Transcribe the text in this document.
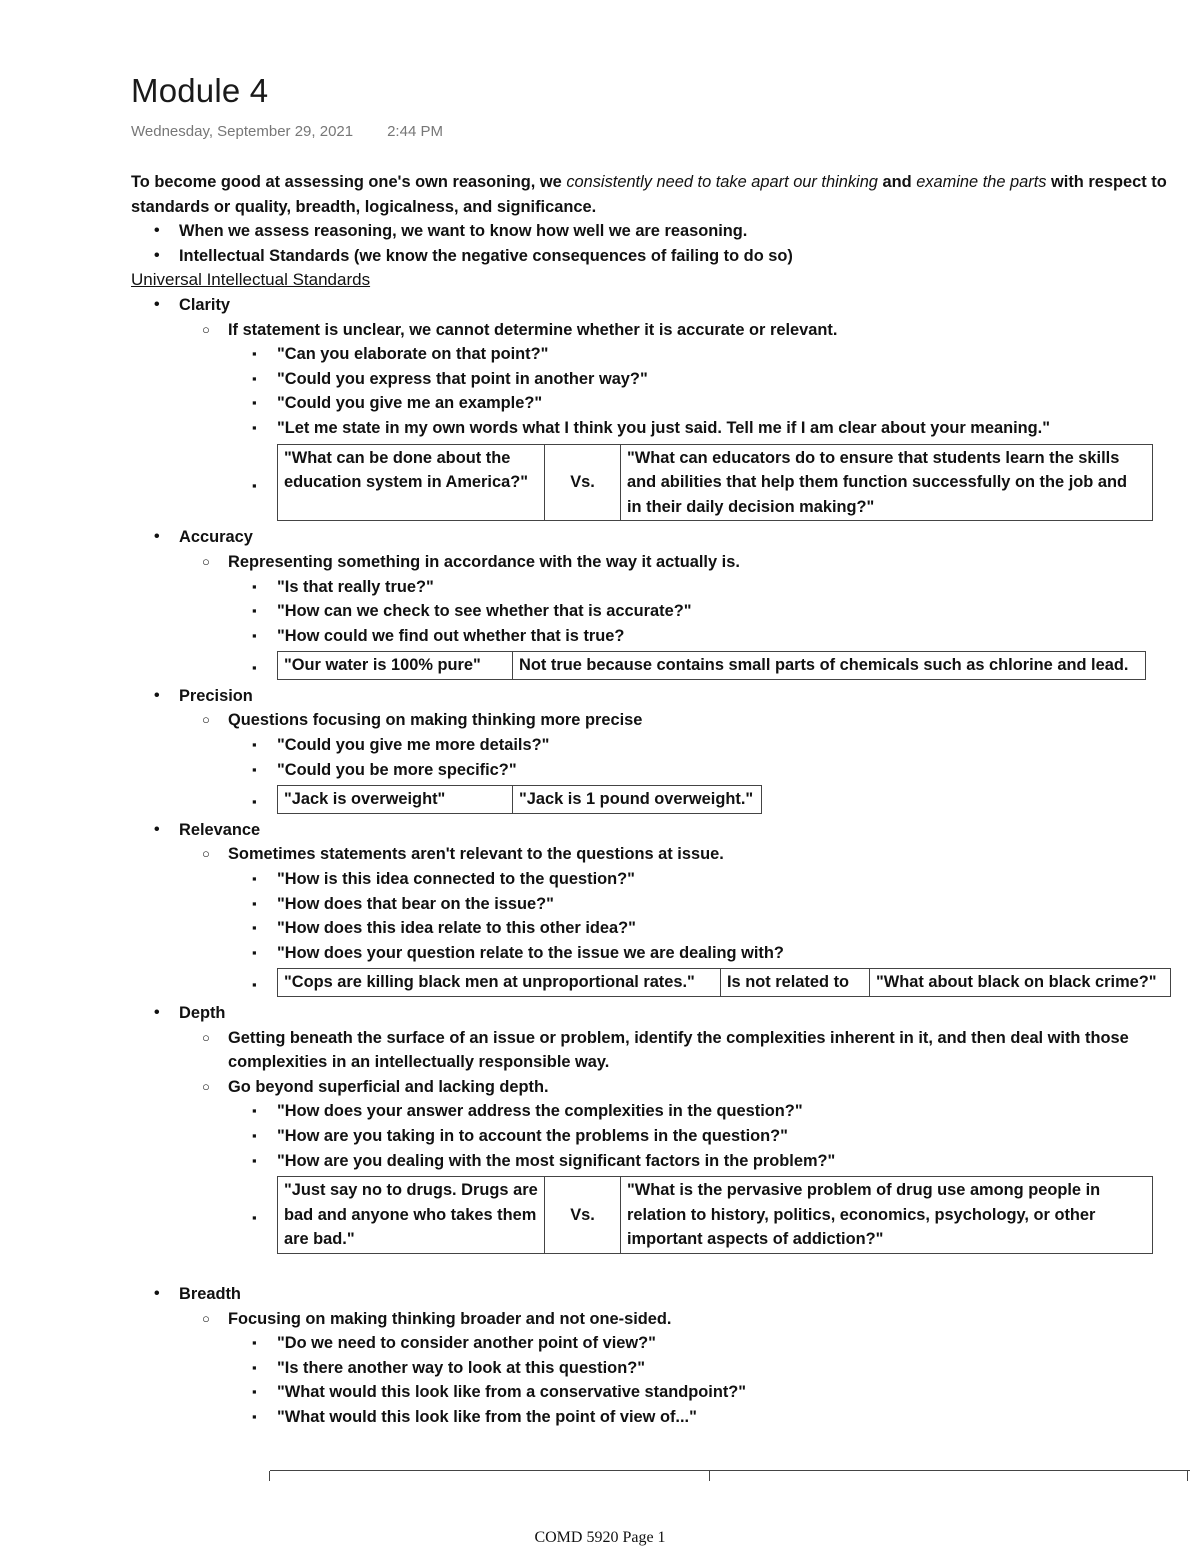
Module 4
Wednesday, September 29, 2021 2:44 PM

To become good at assessing one's own reasoning, we consistently need to take apart our thinking and examine the parts with respect to standards or quality, breadth, logicalness, and significance.

• When we assess reasoning, we want to know how well we are reasoning.
• Intellectual Standards (we know the negative consequences of failing to do so)

Universal Intellectual Standards

• Clarity
○ If statement is unclear, we cannot determine whether it is accurate or relevant.
▪ "Can you elaborate on that point?"
▪ "Could you express that point in another way?"
▪ "Could you give me an example?"
▪ "Let me state in my own words what I think you just said. Tell me if I am clear about your meaning."
▪
"What can be done about the education system in America?"	Vs.	"What can educators do to ensure that students learn the skills and abilities that help them function successfully on the job and in their daily decision making?"
• Accuracy
○ Representing something in accordance with the way it actually is.
▪ "Is that really true?"
▪ "How can we check to see whether that is accurate?"
▪ "How could we find out whether that is true?
▪ "Our water is 100% pure"	Not true because contains small parts of chemicals such as chlorine and lead.
• Precision
○ Questions focusing on making thinking more precise
▪ "Could you give me more details?"
▪ "Could you be more specific?"
▪ "Jack is overweight"	"Jack is 1 pound overweight."
• Relevance
○ Sometimes statements aren't relevant to the questions at issue.
▪ "How is this idea connected to the question?"
▪ "How does that bear on the issue?"
▪ "How does this idea relate to this other idea?"
▪ "How does your question relate to the issue we are dealing with?
▪ "Cops are killing black men at unproportional rates."	Is not related to	"What about black on black crime?"
• Depth
○ Getting beneath the surface of an issue or problem, identify the complexities inherent in it, and then deal with those complexities in an intellectually responsible way.
○ Go beyond superficial and lacking depth.
▪ "How does your answer address the complexities in the question?"
▪ "How are you taking in to account the problems in the question?"
▪ "How are you dealing with the most significant factors in the problem?"
▪
"Just say no to drugs. Drugs are bad and anyone who takes them are bad."	Vs.	"What is the pervasive problem of drug use among people in relation to history, politics, economics, psychology, or other important aspects of addiction?"
• Breadth
○ Focusing on making thinking broader and not one-sided.
▪ "Do we need to consider another point of view?"
▪ "Is there another way to look at this question?"
▪ "What would this look like from a conservative standpoint?"
▪ "What would this look like from the point of view of..."
COMD 5920 Page 1
